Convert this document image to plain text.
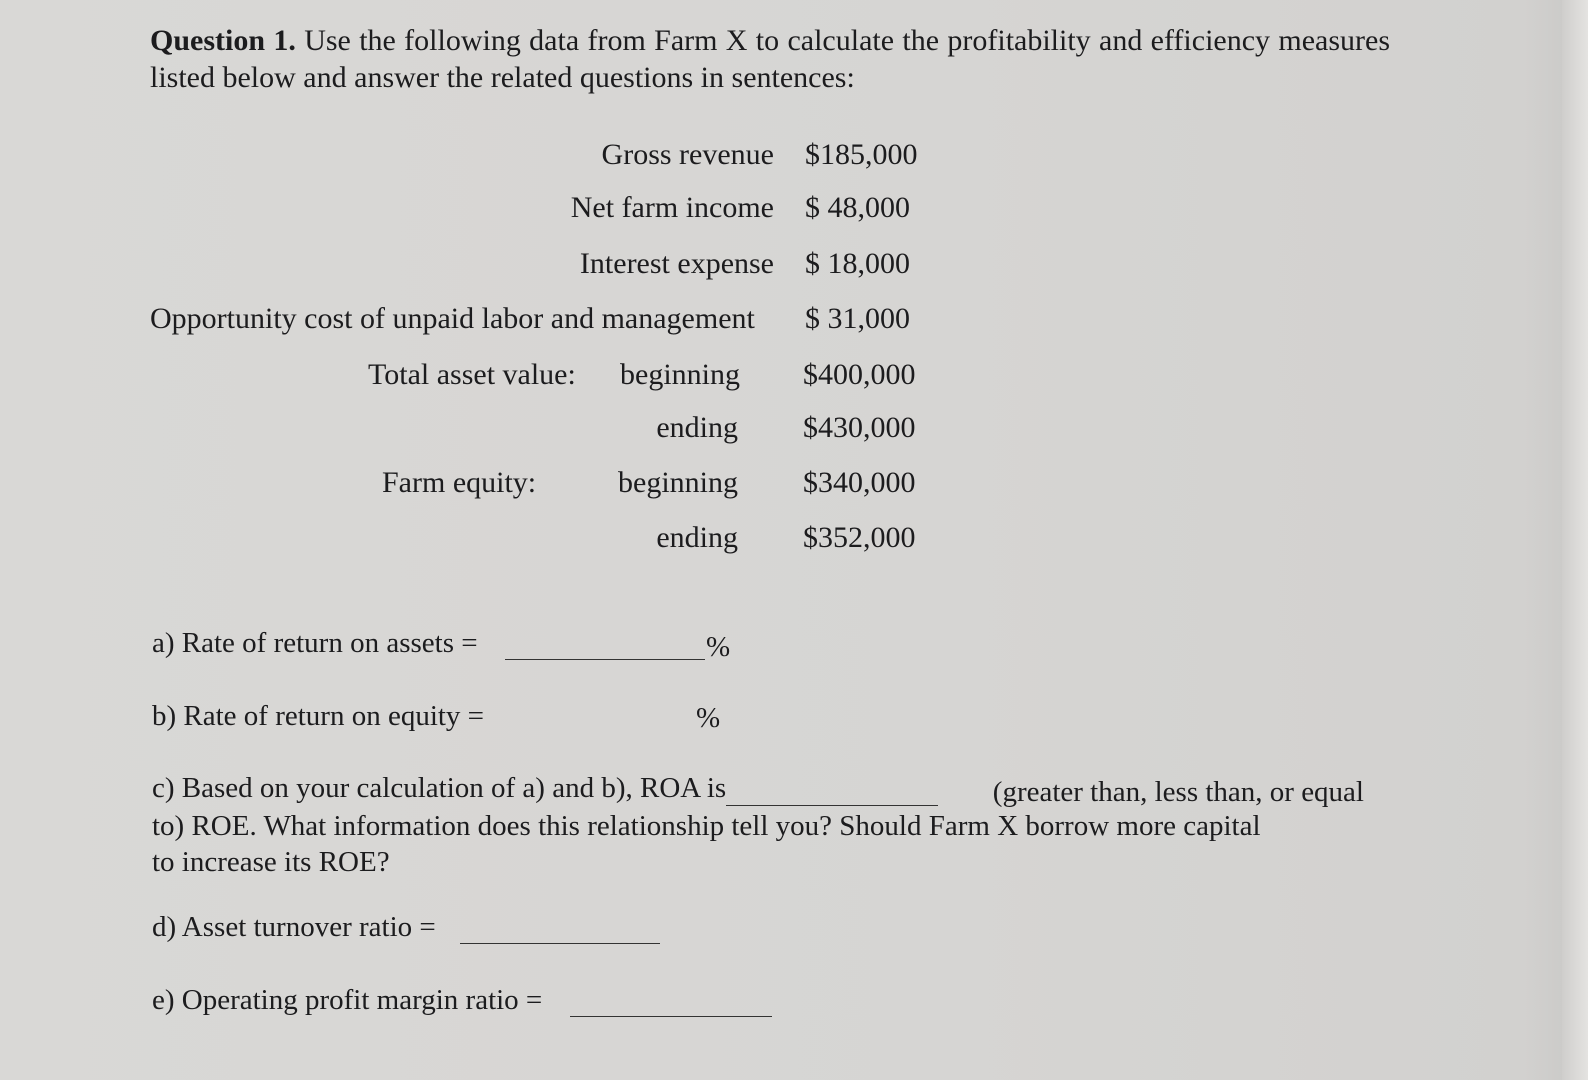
Question 1. Use the following data from Farm X to calculate the profitability and efficiency measures listed below and answer the related questions in sentences:
Gross revenue $185,000
Net farm income $ 48,000
Interest expense $ 18,000
Opportunity cost of unpaid labor and management $ 31,000
Total asset value: beginning $400,000
ending $430,000
Farm equity:	beginning $340,000
ending $352,000
a) Rate of return on assets =	%
b) Rate of return on equity =	%
c) Based on your calculation of a) and b), ROA is	(greater than, less than, or equal
to) ROE. What information does this relationship tell you? Should Farm X borrow more capital
to increase its ROE?
d) Asset turnover ratio =
e) Operating profit margin ratio =
